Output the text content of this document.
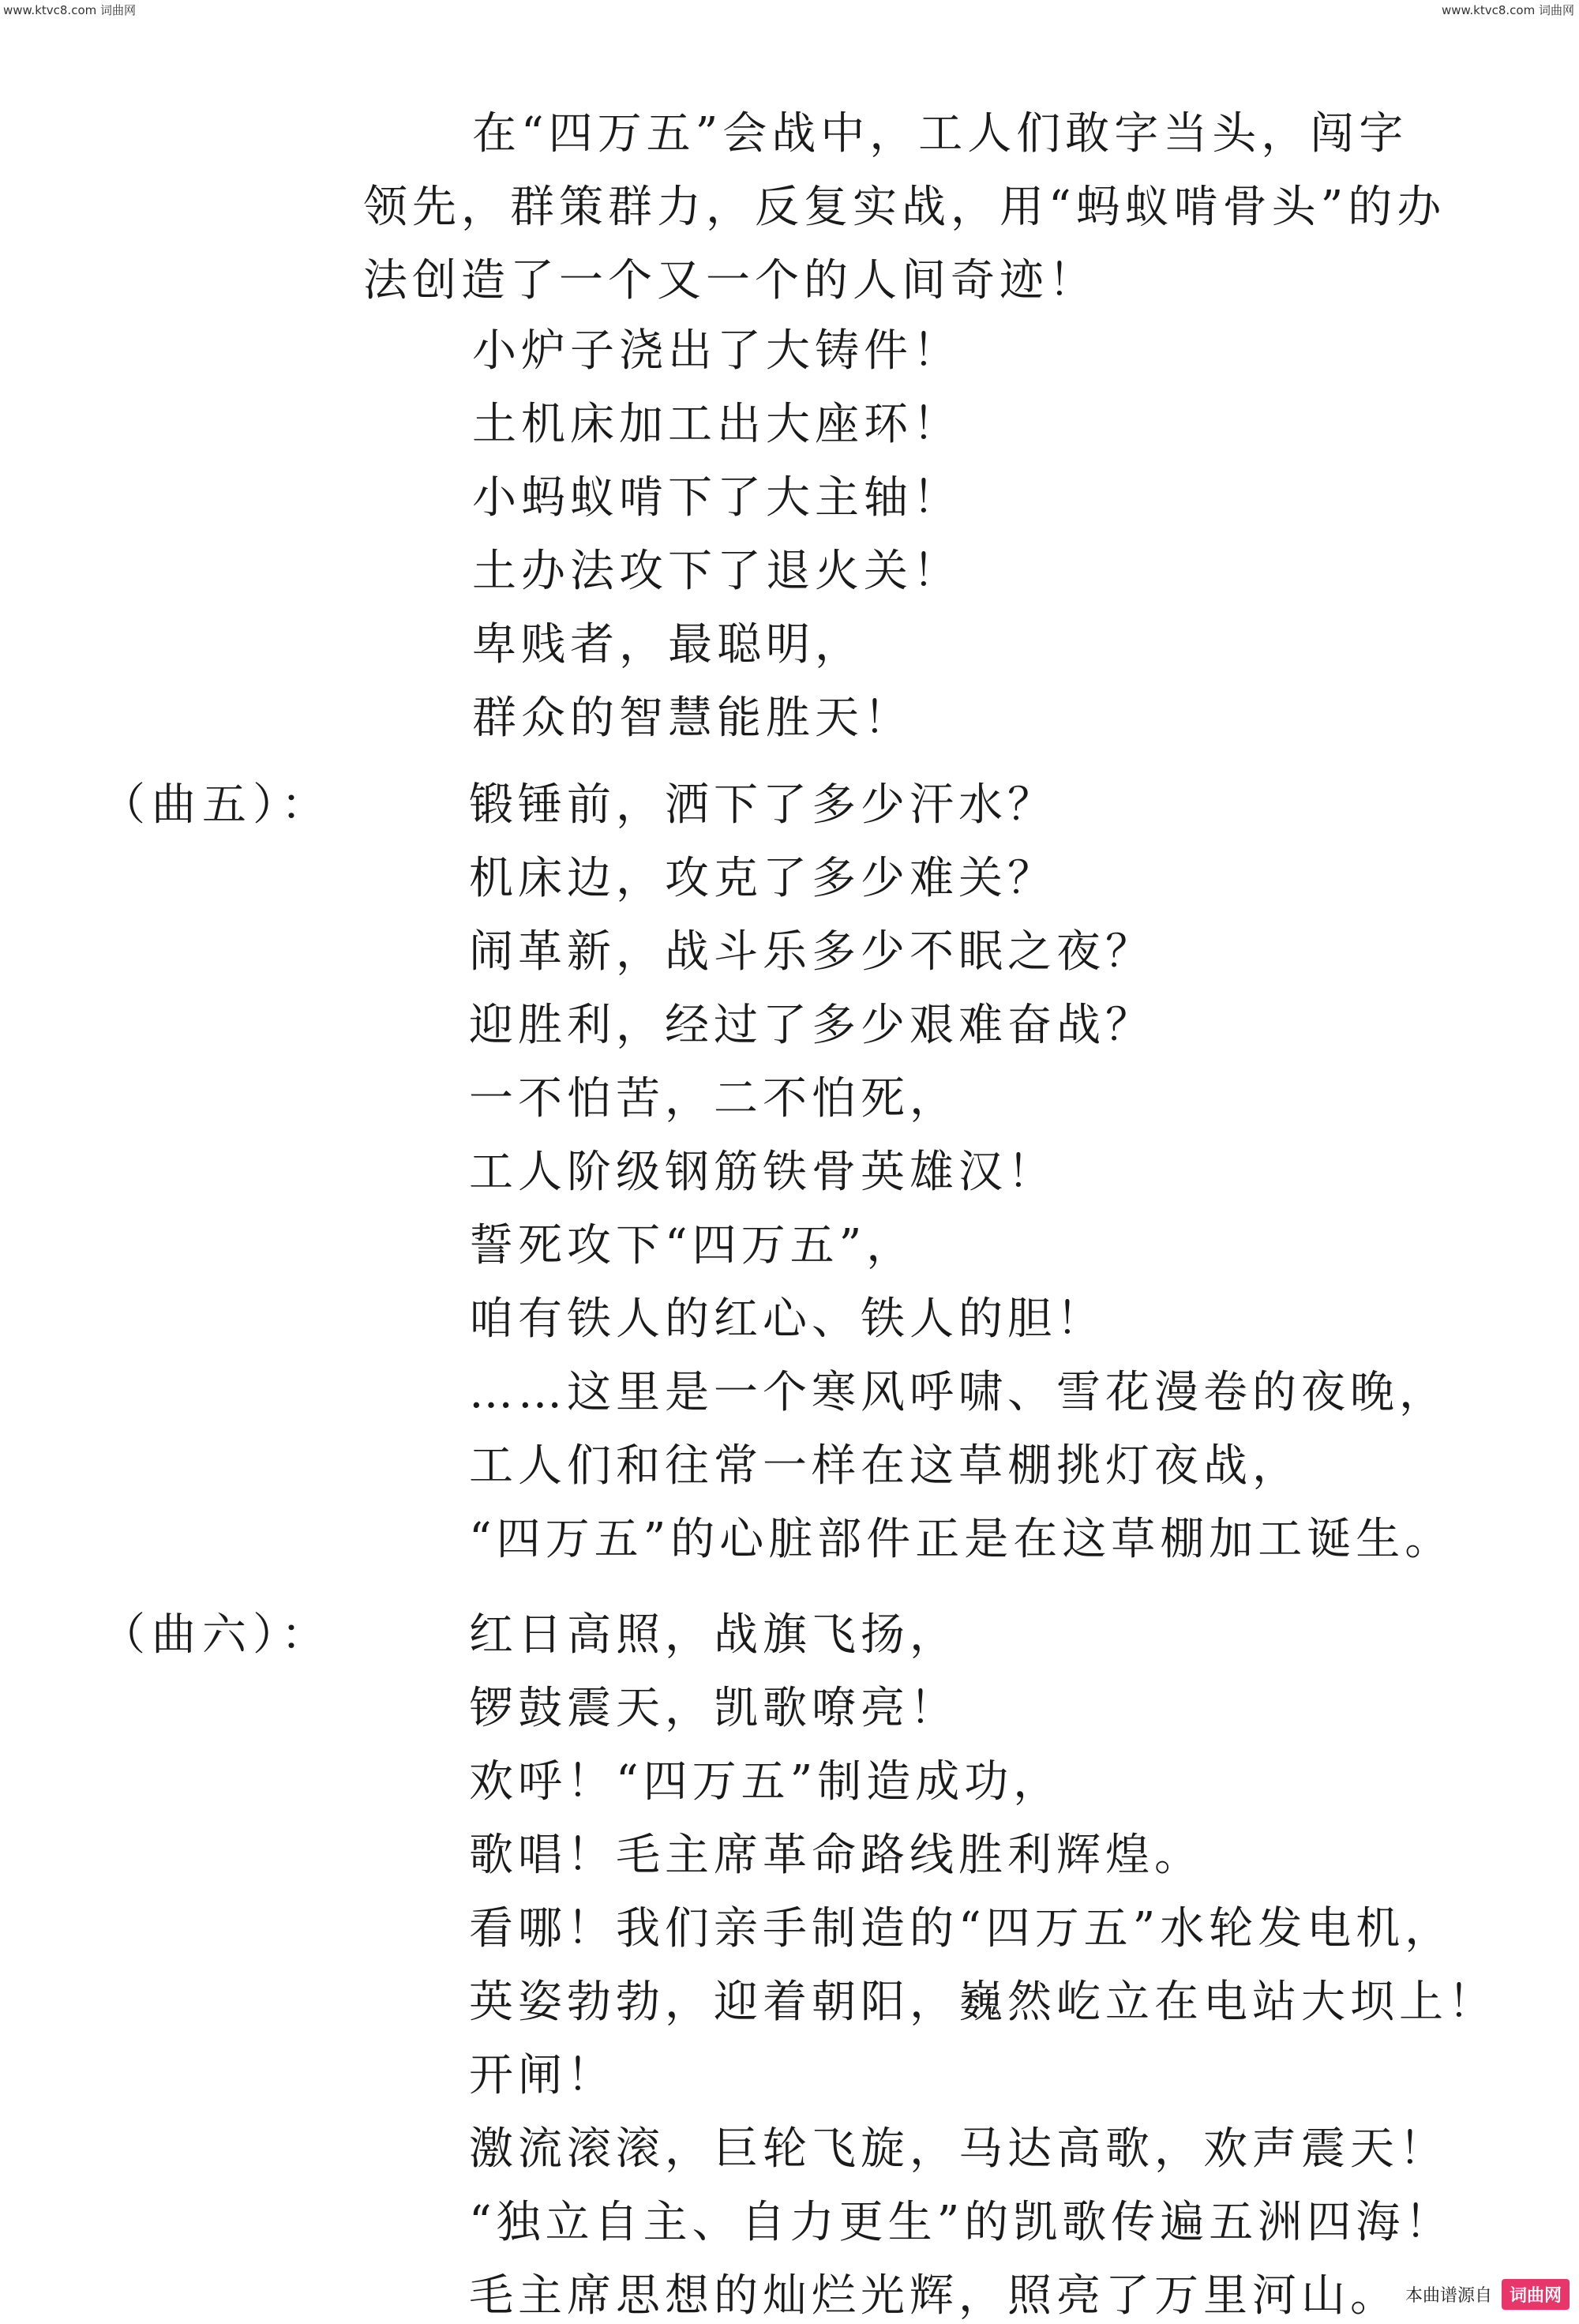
www.ktvc8.com 词曲网	www.ktvc8.com 词曲网
在“四万五”会战中，工人们敢字当头，闯字
领先，群策群力，反复实战，用“蚂蚁啃骨头”的办
法创造了一个又一个的人间奇迹！
小炉子浇出了大铸件！
土机床加工出大座环！
小蚂蚁啃下了大主轴！
土办法攻下了退火关！
卑贱者，最聪明，
群众的智慧能胜天！
（曲五）：	锻锤前，洒下了多少汗水？
机床边，攻克了多少难关？
闹革新，战斗乐多少不眠之夜？
迎胜利，经过了多少艰难奋战？
一不怕苦，二不怕死，
工人阶级钢筋铁骨英雄汉！
誓死攻下“四万五”，
咱有铁人的红心、铁人的胆！
……这里是一个寒风呼啸、雪花漫卷的夜晚，
工人们和往常一样在这草棚挑灯夜战，
“四万五”的心脏部件正是在这草棚加工诞生。
（曲六）：	红日高照，战旗飞扬，
锣鼓震天，凯歌嘹亮！
欢呼！“四万五”制造成功，
歌唱！毛主席革命路线胜利辉煌。
看哪！我们亲手制造的“四万五”水轮发电机，
英姿勃勃，迎着朝阳，巍然屹立在电站大坝上！
开闸！
激流滚滚，巨轮飞旋，马达高歌，欢声震天！
“独立自主、自力更生”的凯歌传遍五洲四海！
毛主席思想的灿烂光辉，照亮了万里河山。 本曲谱源自	词曲网
